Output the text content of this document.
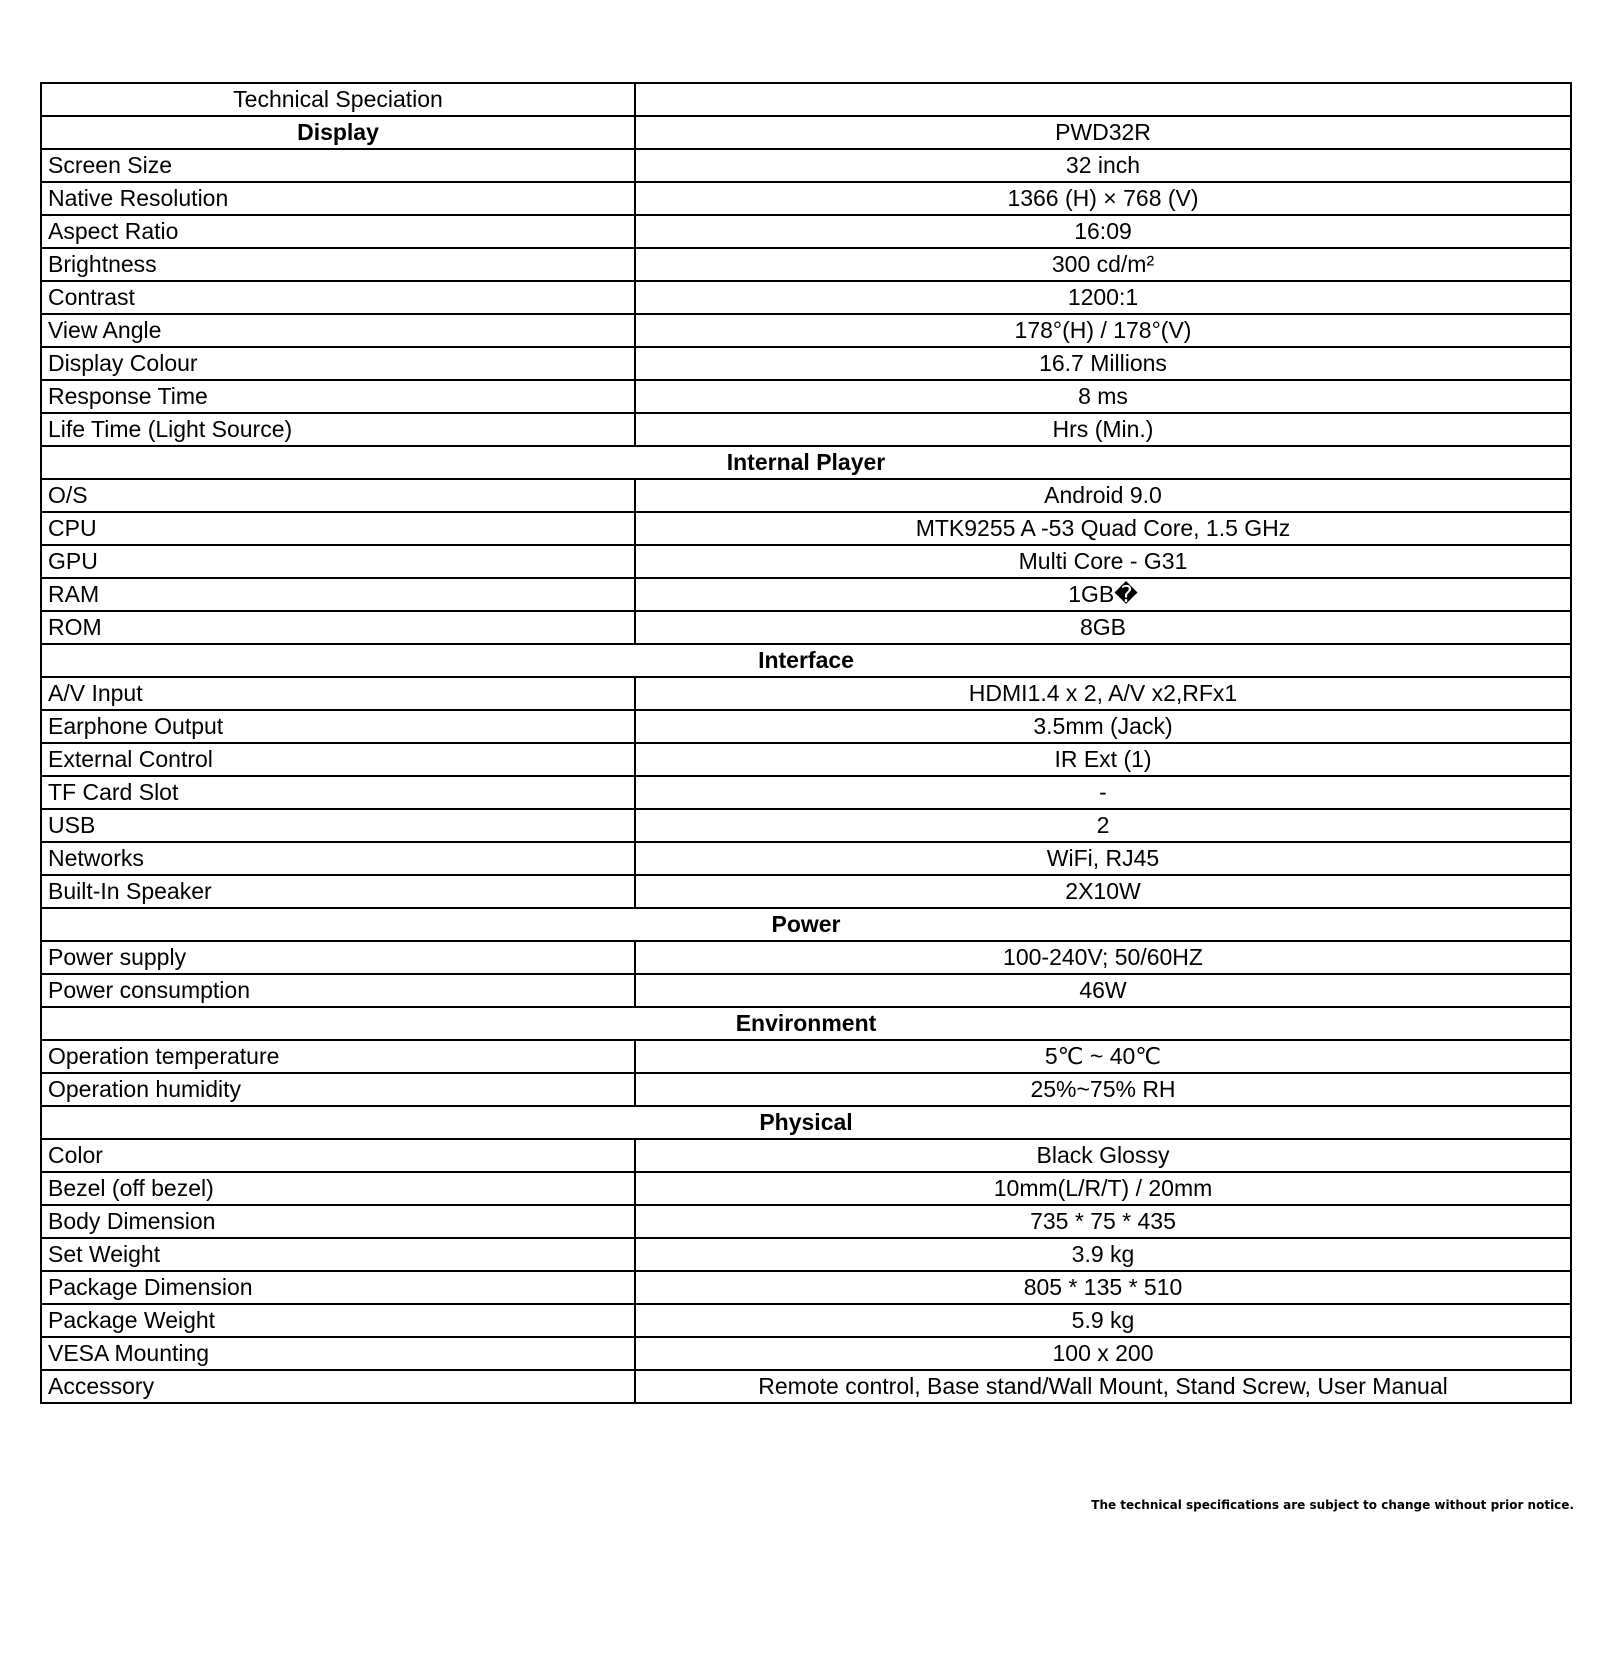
Technical Speciation	
Display	PWD32R
Screen Size	32 inch
Native Resolution	1366 (H) × 768 (V)
Aspect Ratio	16:09
Brightness	300 cd/m²
Contrast	1200:1
View Angle	178°(H) / 178°(V)
Display Colour	16.7 Millions
Response Time	8 ms
Life Time (Light Source)	Hrs (Min.)
Internal Player	
O/S	Android 9.0
CPU	MTK9255 A -53 Quad Core, 1.5 GHz
GPU	Multi Core - G31
RAM	1GB�
ROM	8GB
Interface	
A/V Input	HDMI1.4 x 2, A/V x2,RFx1
Earphone Output	3.5mm (Jack)
External Control	IR Ext (1)
TF Card Slot	-
USB	2
Networks	WiFi, RJ45
Built-In Speaker	2X10W
Power	
Power supply	100-240V; 50/60HZ
Power consumption	46W
Environment	
Operation temperature	5℃ ~ 40℃
Operation humidity	25%~75% RH
Physical	
Color	Black Glossy
Bezel (off bezel)	10mm(L/R/T) / 20mm
Body Dimension	735 * 75 * 435
Set Weight	3.9 kg
Package Dimension	805 * 135 * 510
Package Weight	5.9 kg
VESA Mounting	100 x 200
Accessory	Remote control, Base stand/Wall Mount, Stand Screw, User Manual
The technical specifications are subject to change without prior notice.
